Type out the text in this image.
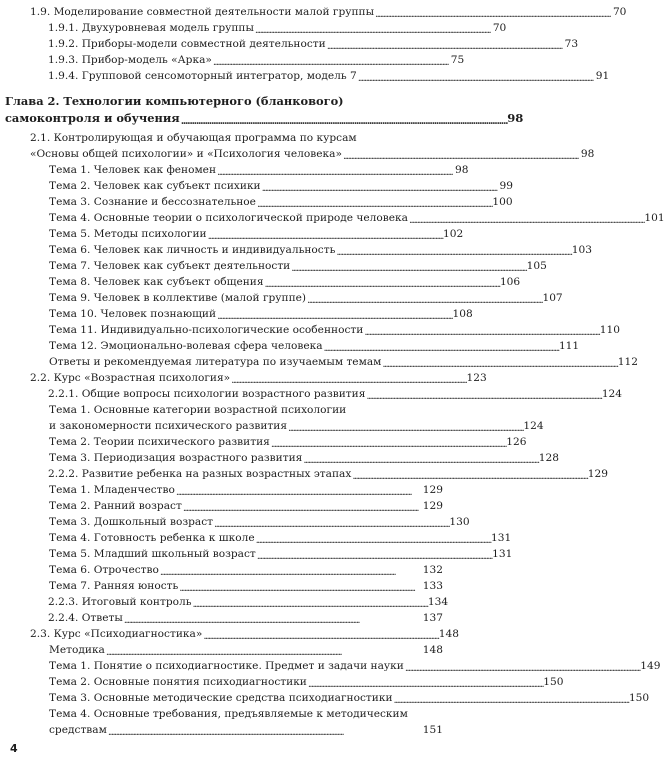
1.9. Моделирование совместной деятельности малой группы . . .	70
1.9.1. Двухуровневая модель группы . . .	70
1.9.2. Приборы-модели совместной деятельности . . .	73
1.9.3. Прибор-модель «Арка» . . .	75
1.9.4. Групповой сенсомоторный интегратор, модель 7 . . .	91
Глава 2. Технологии компьютерного (бланкового)
самоконтроля и обучения . . .	98
2.1. Контролирующая и обучающая программа по курсам
«Основы общей психологии» и «Психология человека» . . .	98
Тема 1. Человек как феномен . . .	98
Тема 2. Человек как субъект психики . . .	99
Тема 3. Сознание и бессознательное . . .	100
Тема 4. Основные теории о психологической природе человека . . .	101
Тема 5. Методы психологии . . .	102
Тема 6. Человек как личность и индивидуальность . . .	103
Тема 7. Человек как субъект деятельности . . .	105
Тема 8. Человек как субъект общения . . .	106
Тема 9. Человек в коллективе (малой группе) . . .	107
Тема 10. Человек познающий . . .	108
Тема 11. Индивидуально-психологические особенности . . .	110
Тема 12. Эмоционально-волевая сфера человека . . .	111
Ответы и рекомендуемая литература по изучаемым темам . . .	112
2.2. Курс «Возрастная психология» . . .	123
2.2.1. Общие вопросы психологии возрастного развития . . .	124
Тема 1. Основные категории возрастной психологии
и закономерности психического развития . . .	124
Тема 2. Теории психического развития . . .	126
Тема 3. Периодизация возрастного развития . . .	128
2.2.2. Развитие ребенка на разных возрастных этапах . . .	129
Тема 1. Младенчество . . .	129
Тема 2. Ранний возраст . . .	129
Тема 3. Дошкольный возраст . . .	130
Тема 4. Готовность ребенка к школе . . .	131
Тема 5. Младший школьный возраст . . .	131
Тема 6. Отрочество . . .	132
Тема 7. Ранняя юность . . .	133
2.2.3. Итоговый контроль . . .	134
2.2.4. Ответы . . .	137
2.3. Курс «Психодиагностика» . . .	148
Методика . . .	148
Тема 1. Понятие о психодиагностике. Предмет и задачи науки . . .	149
Тема 2. Основные понятия психодиагностики . . .	150
Тема 3. Основные методические средства психодиагностики . . .	150
Тема 4. Основные требования, предъявляемые к методическим
средствам . . .	151
4
